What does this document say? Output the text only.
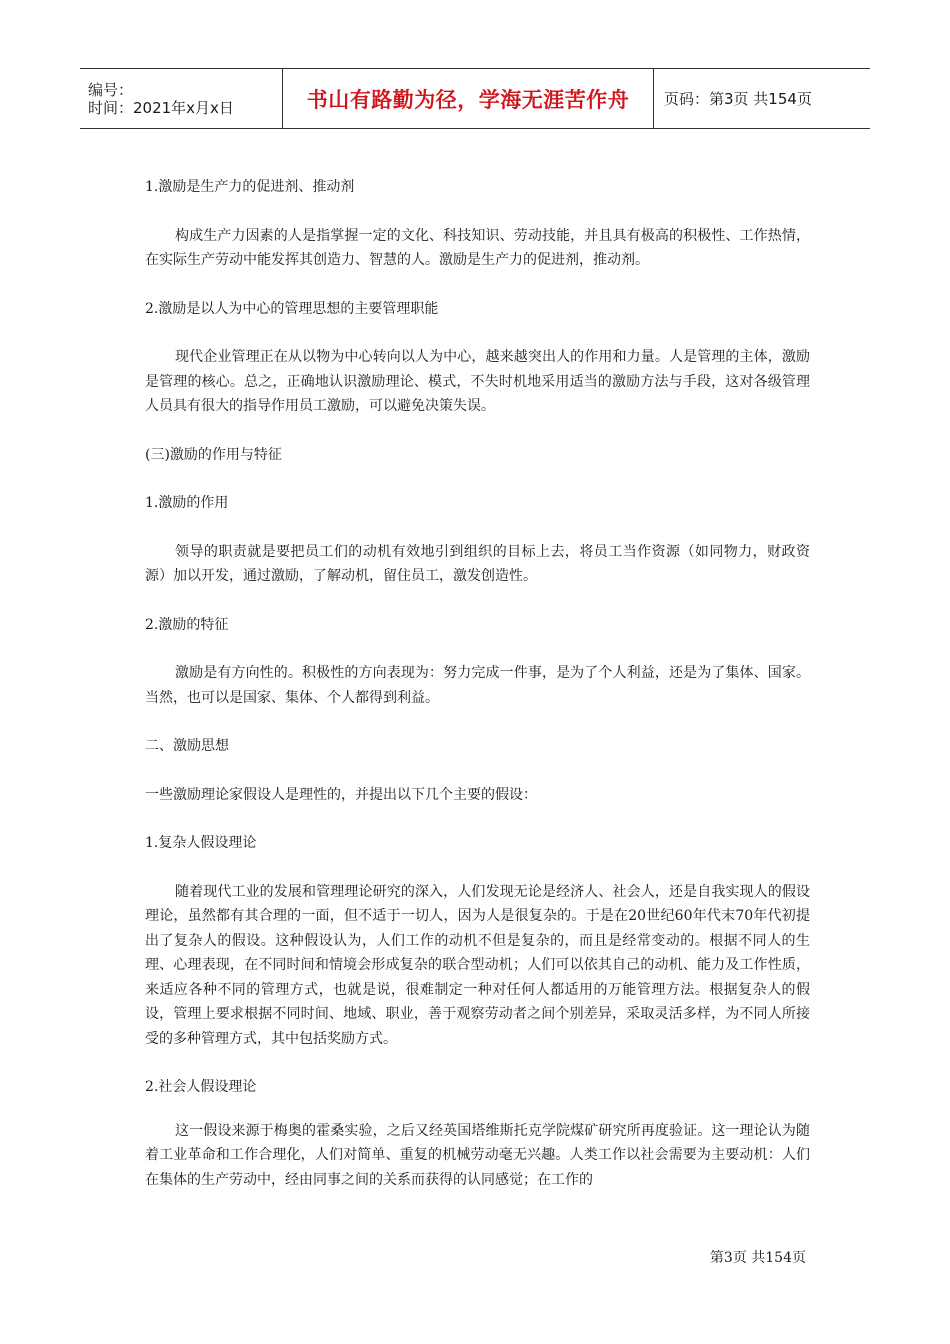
编号：
时间：2021年x月x日	书山有路勤为径，学海无涯苦作舟 页码：第3页 共154页

1.激励是生产力的促进剂、推动剂

构成生产力因素的人是指掌握一定的文化、科技知识、劳动技能，并且具有极高的积极性、工作热情，在实际生产劳动中能发挥其创造力、智慧的人。激励是生产力的促进剂，推动剂。

2.激励是以人为中心的管理思想的主要管理职能

现代企业管理正在从以物为中心转向以人为中心，越来越突出人的作用和力量。人是管理的主体，激励是管理的核心。总之，正确地认识激励理论、模式，不失时机地采用适当的激励方法与手段，这对各级管理人员具有很大的指导作用员工激励，可以避免决策失误。

(三)激励的作用与特征

1.激励的作用

领导的职责就是要把员工们的动机有效地引到组织的目标上去，将员工当作资源（如同物力，财政资源）加以开发，通过激励，了解动机，留住员工，激发创造性。

2.激励的特征

激励是有方向性的。积极性的方向表现为：努力完成一件事，是为了个人利益，还是为了集体、国家。当然，也可以是国家、集体、个人都得到利益。

二、激励思想

一些激励理论家假设人是理性的，并提出以下几个主要的假设：

1.复杂人假设理论

随着现代工业的发展和管理理论研究的深入，人们发现无论是经济人、社会人，还是自我实现人的假设理论，虽然都有其合理的一面，但不适于一切人，因为人是很复杂的。于是在20世纪60年代末70年代初提出了复杂人的假设。这种假设认为，人们工作的动机不但是复杂的，而且是经常变动的。根据不同人的生理、心理表现，在不同时间和情境会形成复杂的联合型动机；人们可以依其自己的动机、能力及工作性质，来适应各种不同的管理方式，也就是说，很难制定一种对任何人都适用的万能管理方法。根据复杂人的假设，管理上要求根据不同时间、地域、职业，善于观察劳动者之间个别差异，采取灵活多样，为不同人所接受的多种管理方式，其中包括奖励方式。

2.社会人假设理论

这一假设来源于梅奥的霍桑实验，之后又经英国塔维斯托克学院煤矿研究所再度验证。这一理论认为随着工业革命和工作合理化，人们对简单、重复的机械劳动毫无兴趣。人类工作以社会需要为主要动机：人们在集体的生产劳动中，经由同事之间的关系而获得的认同感觉；在工作的

第3页 共154页
